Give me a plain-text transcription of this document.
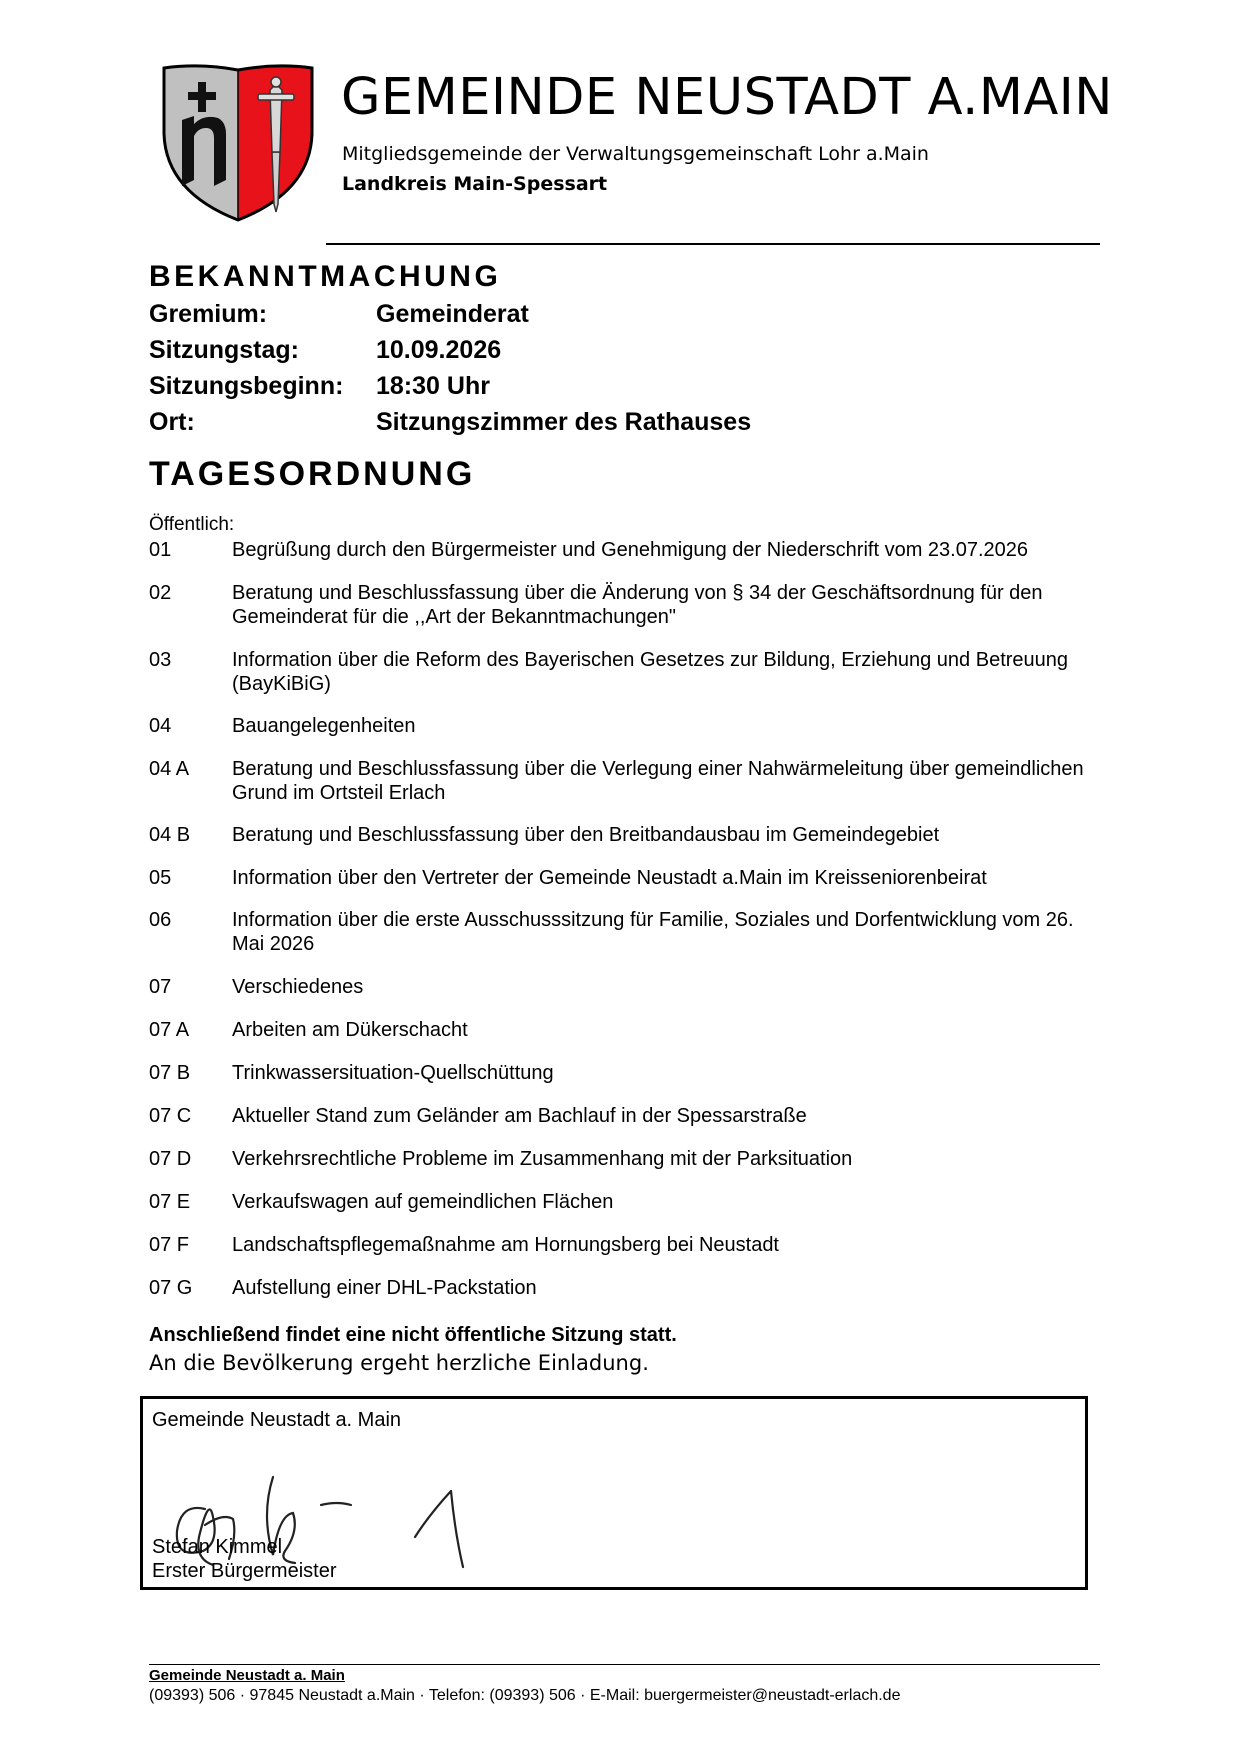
GEMEINDE NEUSTADT A.MAIN
Mitgliedsgemeinde der Verwaltungsgemeinschaft Lohr a.Main
Landkreis Main-Spessart
BEKANNTMACHUNG
Gremium:	Gemeinderat
Sitzungstag:	10.09.2026
Sitzungsbeginn:	18:30 Uhr
Ort:	Sitzungszimmer des Rathauses
TAGESORDNUNG
Öffentlich:
01	Begrüßung durch den Bürgermeister und Genehmigung der Niederschrift vom 23.07.2026
02	Beratung und Beschlussfassung über die Änderung von § 34 der Geschäftsordnung für den Gemeinderat für die ,,Art der Bekanntmachungen"
03	Information über die Reform des Bayerischen Gesetzes zur Bildung, Erziehung und Betreuung (BayKiBiG)
04	Bauangelegenheiten
04 A	Beratung und Beschlussfassung über die Verlegung einer Nahwärmeleitung über gemeindlichen Grund im Ortsteil Erlach
04 B	Beratung und Beschlussfassung über den Breitbandausbau im Gemeindegebiet
05	Information über den Vertreter der Gemeinde Neustadt a.Main im Kreisseniorenbeirat
06	Information über die erste Ausschusssitzung für Familie, Soziales und Dorfentwicklung vom 26. Mai 2026
07	Verschiedenes
07 A	Arbeiten am Dükerschacht
07 B	Trinkwassersituation-Quellschüttung
07 C	Aktueller Stand zum Geländer am Bachlauf in der Spessarstraße
07 D	Verkehrsrechtliche Probleme im Zusammenhang mit der Parksituation
07 E	Verkaufswagen auf gemeindlichen Flächen
07 F	Landschaftspflegemaßnahme am Hornungsberg bei Neustadt
07 G	Aufstellung einer DHL-Packstation
Anschließend findet eine nicht öffentliche Sitzung statt.
An die Bevölkerung ergeht herzliche Einladung.
Gemeinde Neustadt a. Main
Stefan Kimmel
Erster Bürgermeister
Gemeinde Neustadt a. Main
(09393) 506 · 97845 Neustadt a.Main · Telefon: (09393) 506 · E-Mail: buergermeister@neustadt-erlach.de
